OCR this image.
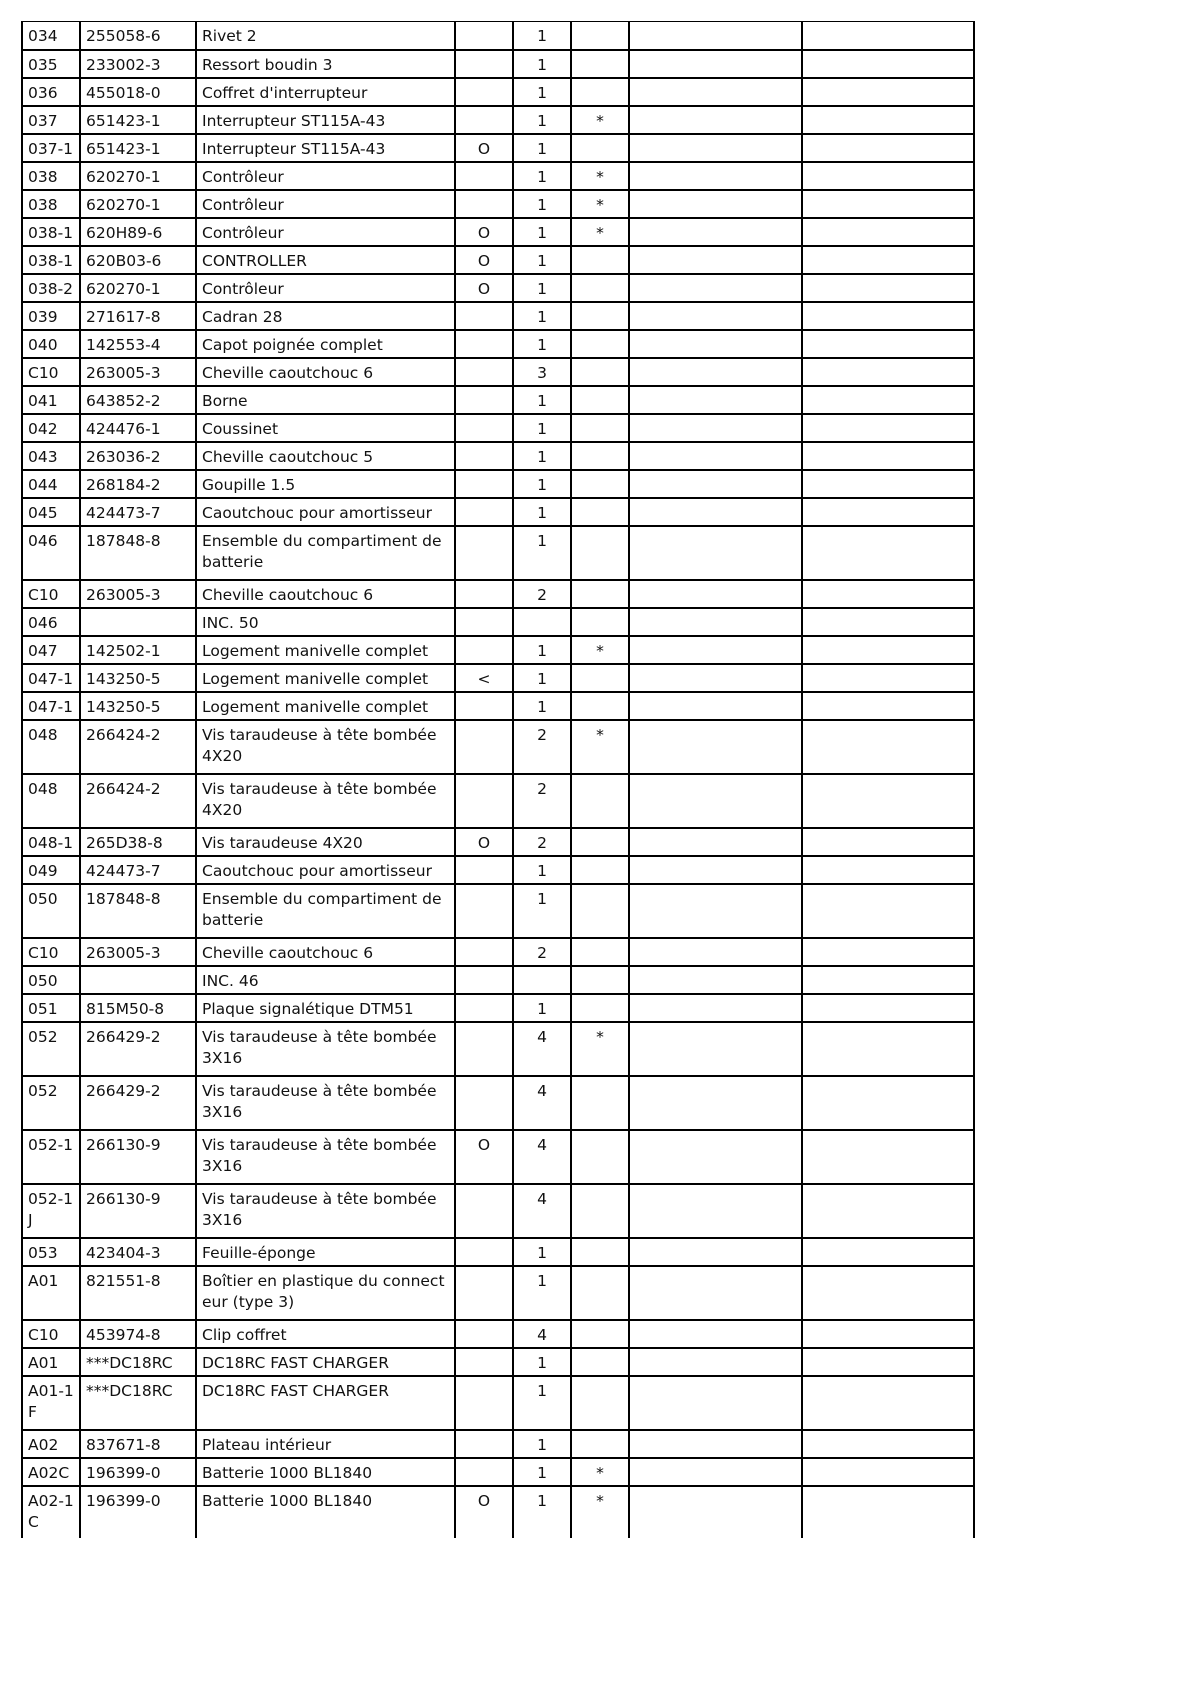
034	255058-6	Rivet 2		1			
035	233002-3	Ressort boudin 3		1			
036	455018-0	Coffret d'interrupteur		1			
037	651423-1	Interrupteur ST115A-43		1	*		
037-1	651423-1	Interrupteur ST115A-43	O	1			
038	620270-1	Contrôleur		1	*		
038	620270-1	Contrôleur		1	*		
038-1	620H89-6	Contrôleur	O	1	*		
038-1	620B03-6	CONTROLLER	O	1			
038-2	620270-1	Contrôleur	O	1			
039	271617-8	Cadran 28		1			
040	142553-4	Capot poignée complet		1			
C10	263005-3	Cheville caoutchouc 6		3			
041	643852-2	Borne		1			
042	424476-1	Coussinet		1			
043	263036-2	Cheville caoutchouc 5		1			
044	268184-2	Goupille 1.5		1			
045	424473-7	Caoutchouc pour amortisseur		1			
046	187848-8	Ensemble du compartiment de batterie		1			
C10	263005-3	Cheville caoutchouc 6		2			
046		INC. 50					
047	142502-1	Logement manivelle complet		1	*		
047-1	143250-5	Logement manivelle complet	<	1			
047-1	143250-5	Logement manivelle complet		1			
048	266424-2	Vis taraudeuse à tête bombée 4X20		2	*		
048	266424-2	Vis taraudeuse à tête bombée 4X20		2			
048-1	265D38-8	Vis taraudeuse 4X20	O	2			
049	424473-7	Caoutchouc pour amortisseur		1			
050	187848-8	Ensemble du compartiment de batterie		1			
C10	263005-3	Cheville caoutchouc 6		2			
050		INC. 46					
051	815M50-8	Plaque signalétique DTM51		1			
052	266429-2	Vis taraudeuse à tête bombée 3X16		4	*		
052	266429-2	Vis taraudeuse à tête bombée 3X16		4			
052-1	266130-9	Vis taraudeuse à tête bombée 3X16	O	4			
052-1J	266130-9	Vis taraudeuse à tête bombée 3X16		4			
053	423404-3	Feuille-éponge		1			
A01	821551-8	Boîtier en plastique du connecteur (type 3)		1			
C10	453974-8	Clip coffret		4			
A01	***DC18RC	DC18RC FAST CHARGER		1			
A01-1F	***DC18RC	DC18RC FAST CHARGER		1			
A02	837671-8	Plateau intérieur		1			
A02C	196399-0	Batterie 1000 BL1840		1	*		
A02-1C	196399-0	Batterie 1000 BL1840	O	1	*		
